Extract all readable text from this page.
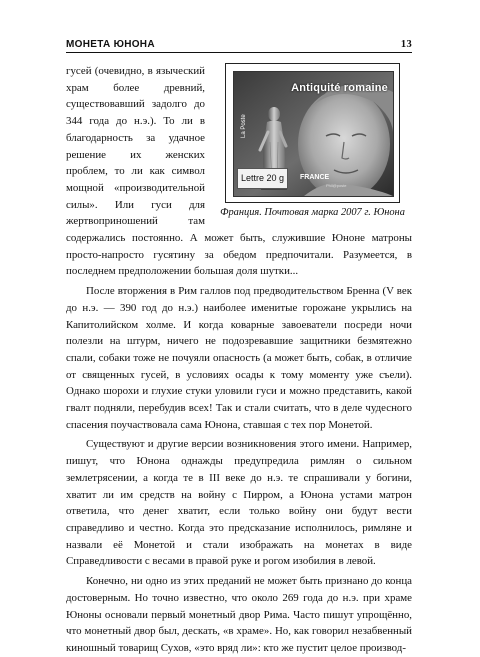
МОНЕТА ЮНОНА	13
Antiquité romaine
La Poste
Lettre 20 g	FRANCE
Phil@poste
Франция. Почтовая марка 2007 г. Юнона

гусей (очевидно, в языческий храм более древний, существовавший задолго до 344 года до н.э.). То ли в благодарность за удачное решение их женских проблем, то ли как символ мощной «производительной силы». Или гуси для жертвоприношений там содержались постоянно. А может быть, служившие Юноне матроны просто-напросто гусятину за обедом предпочитали. Разумеется, в последнем предположении большая доля шутки...

После вторжения в Рим галлов под предводительством Бренна (V век до н.э. — 390 год до н.э.) наиболее именитые горожане укрылись на Капитолийском холме. И когда коварные завоеватели посреди ночи полезли на штурм, ничего не подозревавшие защитники безмятежно спали, собаки тоже не почуяли опасность (а может быть, собак, в отличие от священных гусей, в условиях осады к тому моменту уже съели). Однако шорохи и глухие стуки уловили гуси и можно представить, какой гвалт подняли, перебудив всех! Так и стали считать, что в деле чудесного спасения поучаствовала сама Юнона, ставшая с тех пор Монетой.

Существуют и другие версии возникновения этого имени. Например, пишут, что Юнона однажды предупредила римлян о сильном землетрясении, а когда те в III веке до н.э. те спрашивали у богини, хватит ли им средств на войну с Пирром, а Юнона устами матрон ответила, что денег хватит, если только войну они будут вести справедливо и честно. Когда это предсказание исполнилось, римляне и назвали её Монетой и стали изображать на монетах в виде Справедливости с весами в правой руке и рогом изобилия в левой.

Конечно, ни одно из этих преданий не может быть признано до конца достоверным. Но точно известно, что около 269 года до н.э. при храме Юноны основали первый монетный двор Рима. Часто пишут упрощённо, что монетный двор был, дескать, «в храме». Но, как говорил незабвенный киношный товарищ Сухов, «это вряд ли»: кто же пустит целое производ-
